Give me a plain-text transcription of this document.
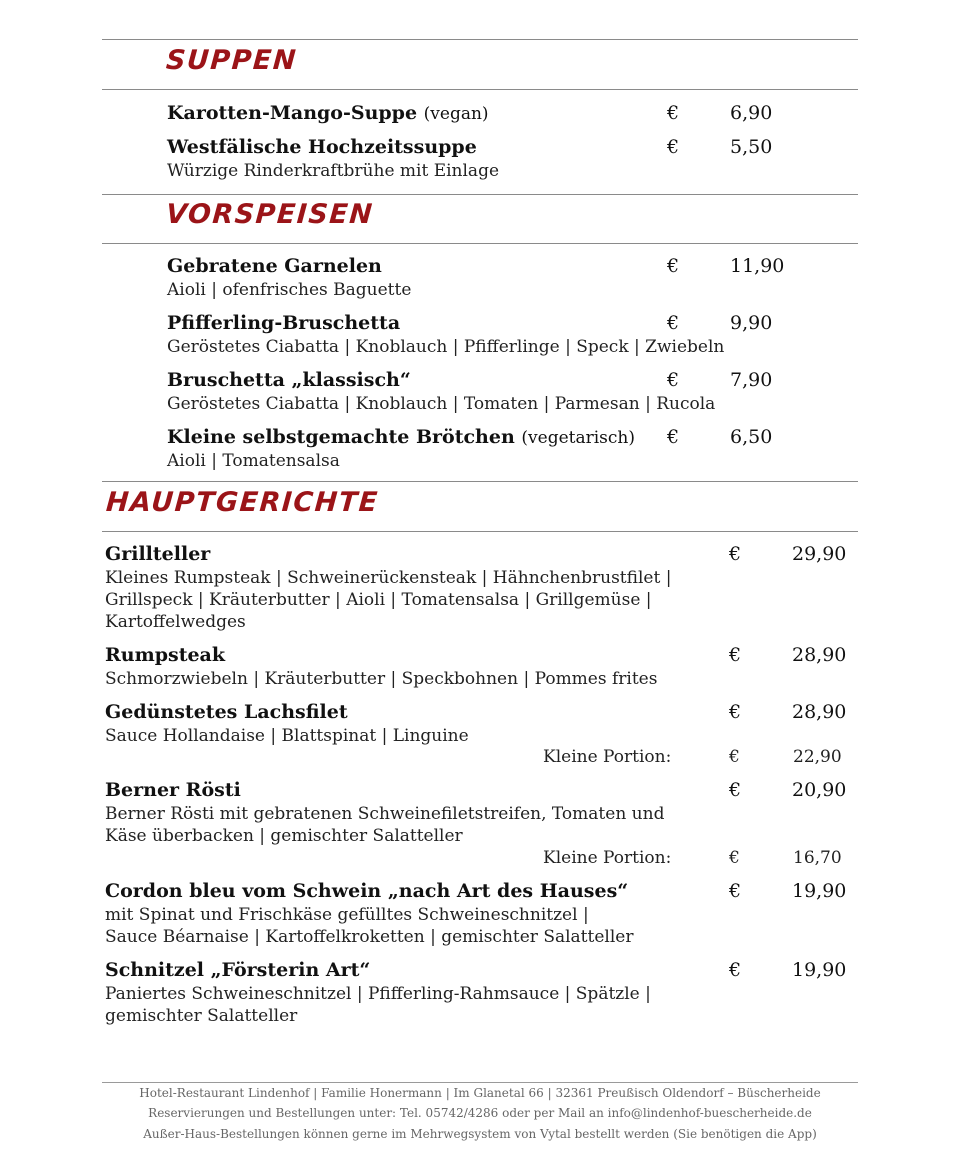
SUPPEN
Karotten-Mango-Suppe (vegan)	€	6,90
Westfälische Hochzeitssuppe	€	5,50
Würzige Rinderkraftbrühe mit Einlage
VORSPEISEN
Gebratene Garnelen	€	11,90
Aioli | ofenfrisches Baguette
Pfifferling-Bruschetta	€	9,90
Geröstetes Ciabatta | Knoblauch | Pfifferlinge | Speck | Zwiebeln
Bruschetta „klassisch“	€	7,90
Geröstetes Ciabatta | Knoblauch | Tomaten | Parmesan | Rucola
Kleine selbstgemachte Brötchen (vegetarisch) €	6,50
Aioli | Tomatensalsa
HAUPTGERICHTE
Grillteller	€	29,90
Kleines Rumpsteak | Schweinerückensteak | Hähnchenbrustfilet |
Grillspeck | Kräuterbutter | Aioli | Tomatensalsa | Grillgemüse |
Kartoffelwedges
Rumpsteak	€	28,90
Schmorzwiebeln | Kräuterbutter | Speckbohnen | Pommes frites
Gedünstetes Lachsfilet	€	28,90
Sauce Hollandaise | Blattspinat | Linguine
Kleine Portion:	€	22,90
Berner Rösti	€	20,90
Berner Rösti mit gebratenen Schweinefiletstreifen, Tomaten und
Käse überbacken | gemischter Salatteller
Kleine Portion:	€	16,70
Cordon bleu vom Schwein „nach Art des Hauses“	€	19,90
mit Spinat und Frischkäse gefülltes Schweineschnitzel |
Sauce Béarnaise | Kartoffelkroketten | gemischter Salatteller
Schnitzel „Försterin Art“	€	19,90
Paniertes Schweineschnitzel | Pfifferling-Rahmsauce | Spätzle |
gemischter Salatteller
Hotel-Restaurant Lindenhof | Familie Honermann | Im Glanetal 66 | 32361 Preußisch Oldendorf – Büscherheide
Reservierungen und Bestellungen unter: Tel. 05742/4286 oder per Mail an info@lindenhof-buescherheide.de
Außer-Haus-Bestellungen können gerne im Mehrwegsystem von Vytal bestellt werden (Sie benötigen die App)
